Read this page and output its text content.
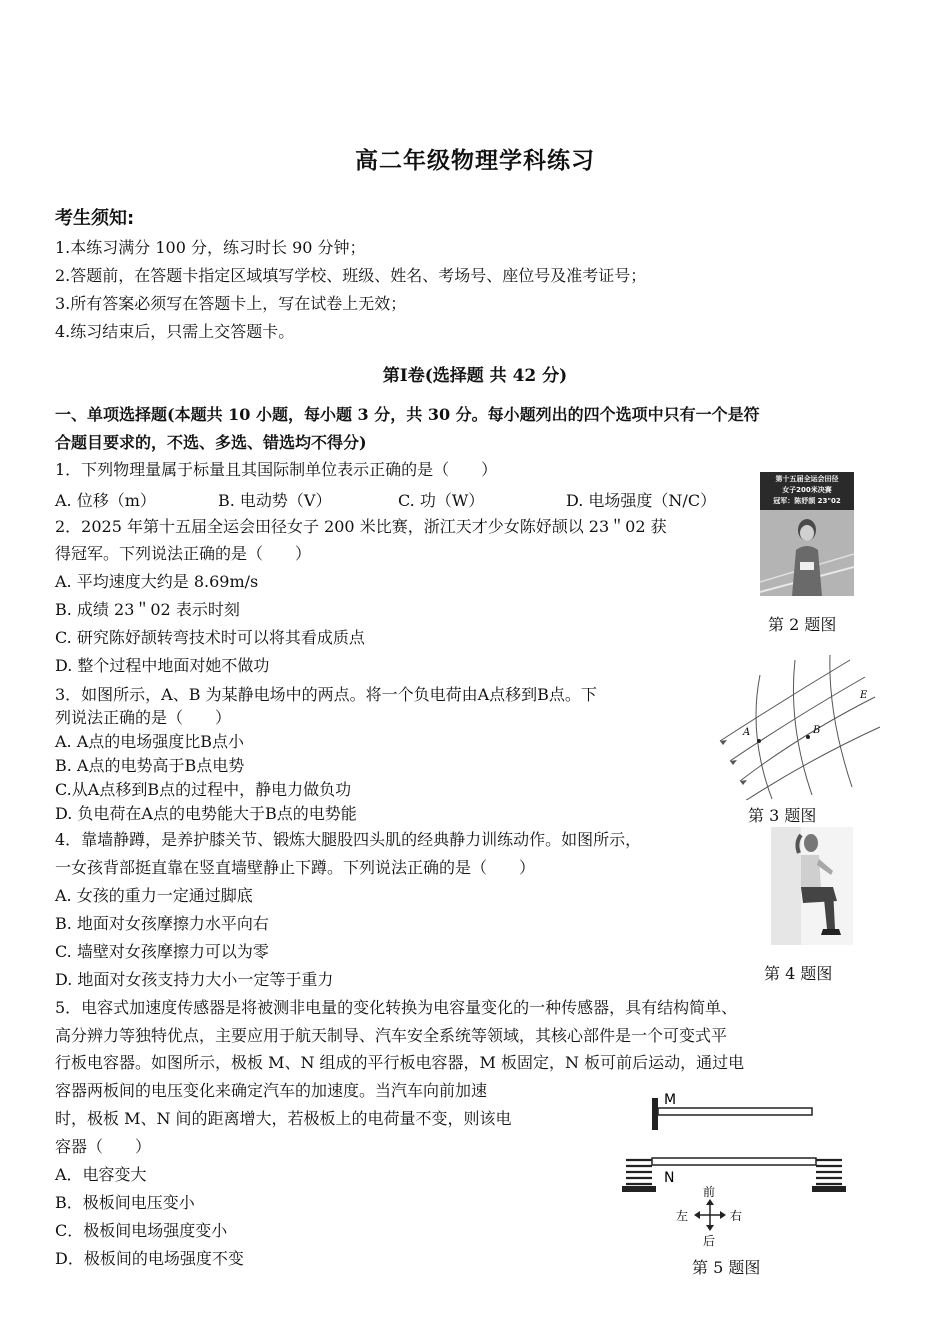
高二年级物理学科练习
考生须知:
1.本练习满分 100 分，练习时长 90 分钟；
2.答题前，在答题卡指定区域填写学校、班级、姓名、考场号、座位号及准考证号；
3.所有答案必须写在答题卡上，写在试卷上无效；
4.练习结束后，只需上交答题卡。
第Ⅰ卷(选择题 共 42 分)
一、单项选择题(本题共 10 小题，每小题 3 分，共 30 分。每小题列出的四个选项中只有一个是符
合题目要求的，不选、多选、错选均不得分)
1．下列物理量属于标量且其国际制单位表示正确的是（　　）
A. 位移（m）	B. 电动势（V）	C. 功（W）	D. 电场强度（N/C）
2．2025 年第十五届全运会田径女子 200 米比赛，浙江天才少女陈妤颉以 23＂02 获
得冠军。下列说法正确的是（　　）
A. 平均速度大约是 8.69m/s
B. 成绩 23＂02 表示时刻
C. 研究陈妤颉转弯技术时可以将其看成质点
D. 整个过程中地面对她不做功
第十五届全运会田径
女子200米决赛
冠军：陈妤颉 23"02
第 2 题图
3．如图所示，A、B 为某静电场中的两点。将一个负电荷由A点移到B点。下
列说法正确的是（　　）
A. A点的电场强度比B点小
B. A点的电势高于B点电势
C.从A点移到B点的过程中，静电力做负功
D. 负电荷在A点的电势能大于B点的电势能
A	B
E
第 3 题图
4．靠墙静蹲，是养护膝关节、锻炼大腿股四头肌的经典静力训练动作。如图所示，
一女孩背部挺直靠在竖直墙壁静止下蹲。下列说法正确的是（　　）
A. 女孩的重力一定通过脚底
B. 地面对女孩摩擦力水平向右
C. 墙壁对女孩摩擦力可以为零
D. 地面对女孩支持力大小一定等于重力	第 4 题图
5．电容式加速度传感器是将被测非电量的变化转换为电容量变化的一种传感器，具有结构简单、
高分辨力等独特优点，主要应用于航天制导、汽车安全系统等领域，其核心部件是一个可变式平
行板电容器。如图所示，极板 M、N 组成的平行板电容器，M 板固定，N 板可前后运动，通过电
容器两板间的电压变化来确定汽车的加速度。当汽车向前加速
时，极板 M、N 间的距离增大，若极板上的电荷量不变，则该电
容器（　　）
A．电容变大
B．极板间电压变小
C．极板间电场强度变小
D．极板间的电场强度不变
M
N
前
后
左	右
第 5 题图
